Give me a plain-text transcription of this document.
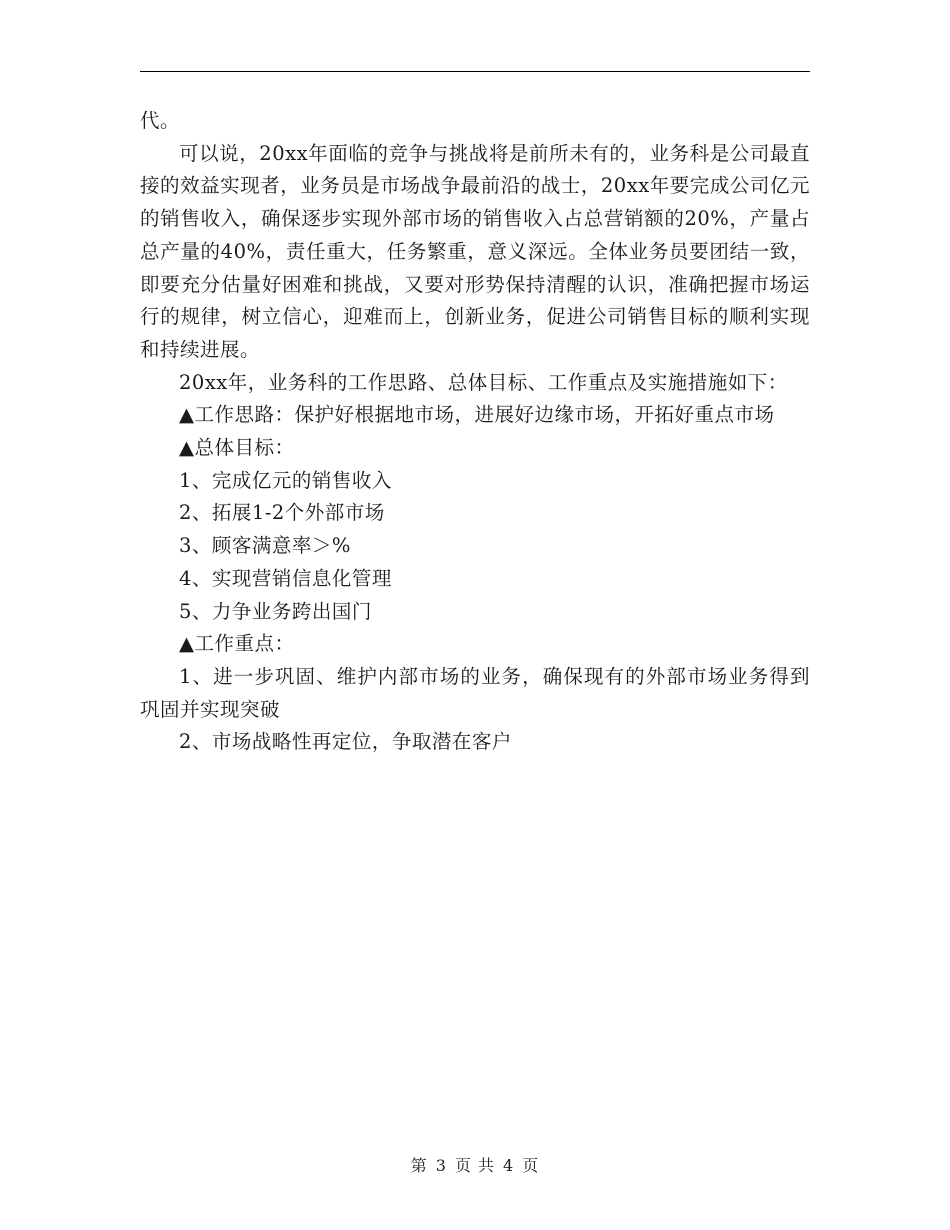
代。

可以说，20xx年面临的竞争与挑战将是前所未有的，业务科是公司最直接的效益实现者，业务员是市场战争最前沿的战士，20xx年要完成公司亿元的销售收入，确保逐步实现外部市场的销售收入占总营销额的20%，产量占总产量的40%，责任重大，任务繁重，意义深远。全体业务员要团结一致，即要充分估量好困难和挑战，又要对形势保持清醒的认识，准确把握市场运行的规律，树立信心，迎难而上，创新业务，促进公司销售目标的顺利实现和持续进展。

20xx年，业务科的工作思路、总体目标、工作重点及实施措施如下：

▲工作思路：保护好根据地市场，进展好边缘市场，开拓好重点市场

▲总体目标：

1、完成亿元的销售收入

2、拓展1-2个外部市场

3、顾客满意率＞%

4、实现营销信息化管理

5、力争业务跨出国门

▲工作重点：

1、进一步巩固、维护内部市场的业务，确保现有的外部市场业务得到巩固并实现突破

2、市场战略性再定位，争取潜在客户

第 3 页 共 4 页
